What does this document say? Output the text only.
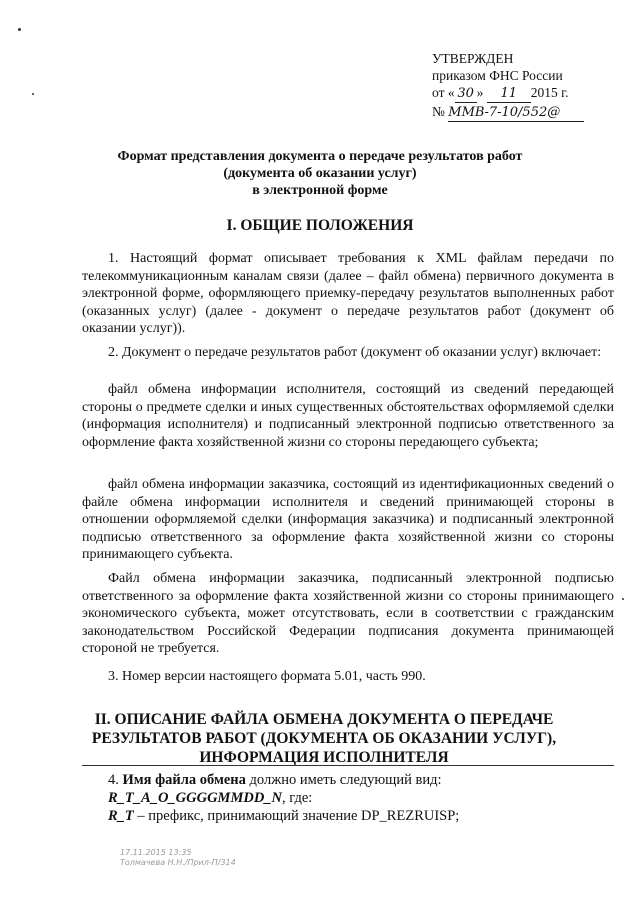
УТВЕРЖДЕН
приказом ФНС России
от « 30 » 11 2015 г.
№ ММВ-7-10/552@
Формат представления документа о передаче результатов работ
(документа об оказании услуг)
в электронной форме
I. ОБЩИЕ ПОЛОЖЕНИЯ

1. Настоящий формат описывает требования к XML файлам передачи по телекоммуникационным каналам связи (далее – файл обмена) первичного документа в электронной форме, оформляющего приемку-передачу результатов выполненных работ (оказанных услуг) (далее - документ о передаче результатов работ (документ об оказании услуг)).

2. Документ о передаче результатов работ (документ об оказании услуг) включает:

файл обмена информации исполнителя, состоящий из сведений передающей стороны о предмете сделки и иных существенных обстоятельствах оформляемой сделки (информация исполнителя) и подписанный электронной подписью ответственного за оформление факта хозяйственной жизни со стороны передающего субъекта;

файл обмена информации заказчика, состоящий из идентификационных сведений о файле обмена информации исполнителя и сведений принимающей стороны в отношении оформляемой сделки (информация заказчика) и подписанный электронной подписью ответственного за оформление факта хозяйственной жизни со стороны принимающего субъекта.

Файл обмена информации заказчика, подписанный электронной подписью ответственного за оформление факта хозяйственной жизни со стороны принимающего экономического субъекта, может отсутствовать, если в соответствии с гражданским законодательством Российской Федерации подписания документа принимающей стороной не требуется.

3. Номер версии настоящего формата 5.01, часть 990.

II. ОПИСАНИЕ ФАЙЛА ОБМЕНА ДОКУМЕНТА О ПЕРЕДАЧЕ
РЕЗУЛЬТАТОВ РАБОТ (ДОКУМЕНТА ОБ ОКАЗАНИИ УСЛУГ),
ИНФОРМАЦИЯ ИСПОЛНИТЕЛЯ
4. Имя файла обмена должно иметь следующий вид:
R_T_A_O_GGGGMMDD_N, где:
R_T – префикс, принимающий значение DP_REZRUISP;
17.11.2015 13:35
Толмачева Н.Н./Прил-П/314
